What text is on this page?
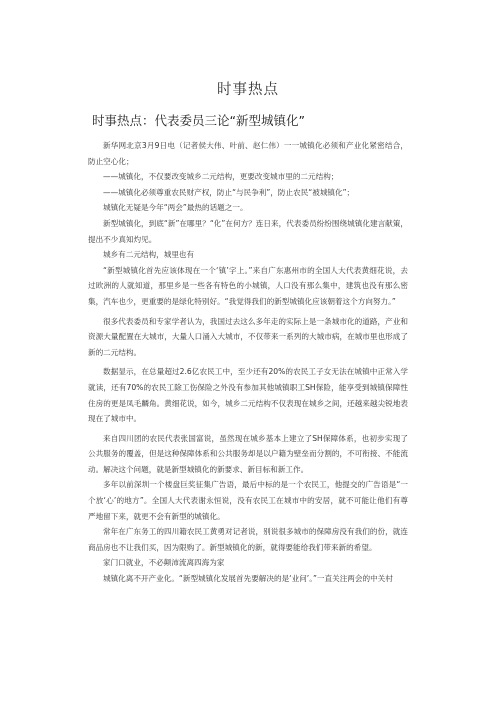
时事热点
时事热点：代表委员三论“新型城镇化”

新华网北京3月9日电（记者侯大伟、叶前、赵仁伟）一一城镇化必须和产业化紧密结合，防止空心化；

——城镇化，不仅要改变城乡二元结构，更要改变城市里的二元结构；

——城镇化必须尊重农民财产权，防止“与民争利”，防止农民“被城镇化”；

城镇化无疑是今年“两会”最热的话题之一。

新型城镇化，到底“新”在哪里？“化”在何方？连日来，代表委员纷纷围绕城镇化建言献策，提出不少真知灼见。

城乡有二元结构，城里也有

“新型城镇化首先应该体现在一个‘镇’字上。”来自广东惠州市的全国人大代表黄细花说，去过欧洲的人就知道，那里乡是一些各有特色的小城镇，人口没有那么集中，建筑也没有那么密集，汽车也少，更重要的是绿化特别好。“我觉得我们的新型城镇化应该朝着这个方向努力。”

很多代表委员和专家学者认为，我国过去这么多年走的实际上是一条城市化的道路，产业和资源大量配置在大城市，大量人口涌入大城市，不仅带来一系列的大城市病，在城市里也形成了新的二元结构。

数据显示，在总量超过2.6亿农民工中，至少还有20%的农民工子女无法在城镇中正常入学就读，还有70%的农民工除工伤保险之外没有参加其他城镇职工SH保险，能享受到城镇保障性住房的更是凤毛麟角。黄细花说，如今，城乡二元结构不仅表现在城乡之间，还越来越尖锐地表现在了城市中。

来自四川团的农民代表张国富说，虽然现在城乡基本上建立了SH保障体系，也初步实现了公共服务的覆盖，但是这种保障体系和公共服务却是以户籍为壁垒而分割的，不可衔接、不能流动。解决这个问题，就是新型城镇化的新要求、新目标和新工作。

多年以前深圳一个楼盘巨奖征集广告语，最后中标的是一个农民工，他提交的广告语是“一个放‘心’的地方”。全国人大代表谢永恒说，没有农民工在城市中的安居，就不可能让他们有尊严地留下来，就更不会有新型的城镇化。

常年在广东务工的四川籍农民工黄勇对记者说，别说很多城市的保障房没有我们的份，就连商品房也不让我们买，因为限购了。新型城镇化的新，就得要能给我们带来新的希望。

家门口就业，不必颠沛流离四海为家

城镇化离不开产业化。“新型城镇化发展首先要解决的是‘业问’。”一直关注两会的中关村
